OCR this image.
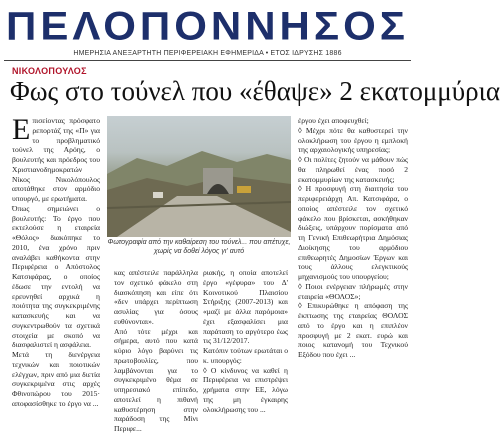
ΠΕΛΟΠΟΝΝΗΣΟΣ
ΗΜΕΡΗΣΙΑ ΑΝΕΞΑΡΤΗΤΗ ΠΕΡΙΦΕΡΕΙΑΚΗ ΕΦΗΜΕΡΙΔΑ • ΕΤΟΣ ΙΔΡΥΣΗΣ 1886
ΝΙΚΟΛΟΠΟΥΛΟΣ
Φως στο τούνελ που «έθαψε» 2 εκατομμύρια
Ε πισείοντας πρόσφατο ρεπορτάζ της «Π» για το προβληματικό τούνελ της Αρόης, ο βουλευτής και πρόεδρος του Χριστιανοδημοκρατών Νίκος Νικολόπουλος αποτάθηκε στον αρμόδιο υπουργό, με ερωτήματα.

Όπως σημειώνει ο βουλευτής: Το έργο που εκτελούσε η εταιρεία «Θόλος» διακόπηκε το 2010, ένα χρόνο πριν αναλάβει καθήκοντα στην Περιφέρεια ο Απόστολος Κατσιφάρας, ο οποίος έδωσε την εντολή να ερευνηθεί αρχικά η ποιότητα της συγκεκριμένης κατασκευής και να συγκεντρωθούν τα σχετικά στοιχεία με σκοπό να διασφαλιστεί η ασφάλεια.

Μετά τη διενέργεια τεχνικών και ποιοτικών ελέγχων, πριν από μια διετία συγκεκριμένα στις αρχές Φθινοπώρου του 2015· αποφασίσθηκε το έργο να ...

Φωτογραφία από την καθαίρεση του τούνελ... που απέτυχε, χωρίς να δοθεί λόγος γι' αυτό

κας απέστειλε παράλληλα τον σχετικό φάκελο στη διασκόπηση και είπε ότι «δεν υπάρχει περίπτωση ασυλίας για όσους ευθύνονται».

Από τότε μέχρι και σήμερα, αυτό που κατά κύριο λόγο βαρύνει τις πρωτοβουλίες, που λαμβάνονται για το συγκεκριμένο θέμα σε υπηρεσιακό επίπεδο, αποτελεί η πιθανή καθυστέρηση στην παράδοση της Μίνι Περιφε...

ριακής, η οποία αποτελεί έργο «γέφυρα» του Δ' Κοινοτικού Πλαισίου Στήριξης (2007-2013) και «μαζί με άλλα παρόμοια» έχει εξασφαλίσει μια παράταση το αργότερο έως τις 31/12/2017.

Κατόπιν τούτων ερωτάται ο κ. υπουργός:

◊ Ο κίνδυνος να καθεί η Περιφέρεια να επιστρέψει χρήματα στην ΕΕ, λόγω της μη έγκαιρης ολοκλήρωσης του ...

έργου έχει αποφευχθεί;

◊ Μέχρι πότε θα καθυστερεί την ολοκλήρωση του έργου η εμπλοκή της αρχαιολογικής υπηρεσίας;

◊ Οι πολίτες ζητούν να μάθουν πώς θα πληρωθεί ένας ποσό 2 εκατομμυρίων της κατασκευής;

◊ Η προσφυγή στη διαιτησία του περιφερειάρχη Απ. Κατσιφάρα, ο οποίος απέστειλε τον σχετικό φάκελο που βρίσκεται, ασκήθηκαν διώξεις, υπάρχουν πορίσματα από τη Γενική Επιθεωρήτρια Δημόσιας Διοίκησης του αρμόδιου επιθεωρητές Δημοσίων Έργων και τους άλλους ελεγκτικούς μηχανισμούς του υπουργείου;

◊ Ποιοι ενέργειαν πλήρωμές στην εταιρεία «ΘΟΛΟΣ»;

◊ Επικυρώθηκε η απόφαση της έκπτωσης της εταιρείας ΘΟΛΟΣ από το έργο και η επιπλέον προσφυγή με 2 εκατ. ευρώ και ποιος κατανομή του Τεχνικού Εξόδου που έχει ...
